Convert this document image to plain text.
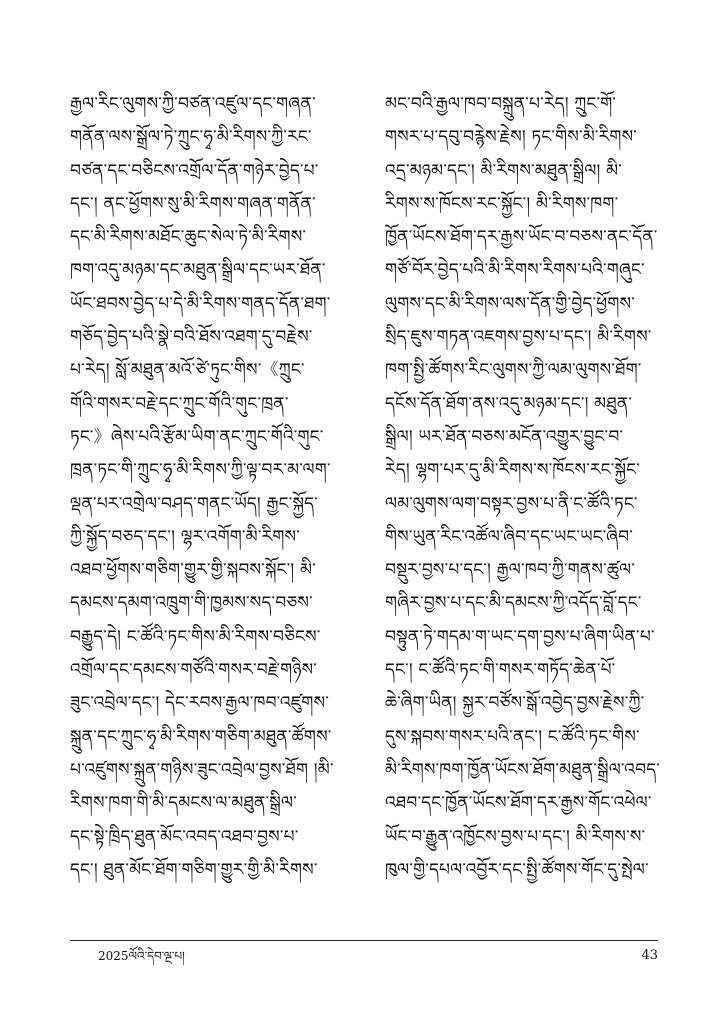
རྒྱལ་རིང་ལུགས་ཀྱི་བཙན་འཛུལ་དང་གཞན་
གནོན་ལས་སྒྲོལ་ཏེ་ཀྲུང་ཧྭ་མི་རིགས་ཀྱི་རང་
བཙན་དང་བཅིངས་འགྲོལ་དོན་གཉེར་བྱེད་པ་
དང་། ནང་ཕྱོགས་སུ་མི་རིགས་གཞན་གནོན་
དང་མི་རིགས་མཐོང་ཆུང་སེལ་ཏེ་མི་རིགས་
ཁག་འདུ་མཉམ་དང་མཐུན་སྒྲིལ་དང་ཡར་ཐོན་
ཡོང་ཐབས་བྱེད་པ་དེ་མི་རིགས་གནད་དོན་ཐག་
གཅོད་བྱེད་པའི་སྣེ་བའི་ཐོས་འཐག་དུ་བརྗེས་
པ་རེད། སློ་མཐུན་མའོ་ཙེ་ཏུང་གིས་《ཀྲུང་
གོའི་གསར་བརྗེ་དང་ཀྲུང་གོའི་གུང་ཁྲན་
ཏང་》ཞེས་པའི་རྩོམ་ཡིག་ནང་ཀྲུང་གོའི་གུང་
ཁྲན་ཏང་གི་ཀྲུང་ཧྭ་མི་རིགས་ཀྱི་ལྟ་བར་མ་ལག་
ལྡན་པར་འགྲེལ་བཤད་གནང་ཡོད། རྒྱང་སྐྱོད་
ཀྱི་སྐྱོད་བཅད་དང་། ལྷར་འགོག་མི་རིགས་
འཐབ་ཕྱོགས་གཅིག་གྱུར་གྱི་སྐབས་སྐོང་། མི་
དམངས་དམག་འཁྲུག་གི་ཁྱམས་སད་བཅས་
བརྒྱུད་དེ། ང་ཚོའི་ཏང་གིས་མི་རིགས་བཅིངས་
འགྲོལ་དང་དམངས་གཙོའི་གསར་བརྗེ་གཉིས་
ཟུང་འབྲེལ་དང་། དེང་རབས་རྒྱལ་ཁབ་འཛུགས་
སྐྲུན་དང་ཀྲུང་ཧྭ་མི་རིགས་གཅིག་མཐུན་ཚོགས་
པ་འཛུགས་སྐྲུན་གཉིས་ཟུང་འབྲེལ་བྱས་ཐོག །མི་
རིགས་ཁག་གི་མི་དམངས་ལ་མཐུན་སྒྲིལ་
དང་སྟེ་ཁྲིད་ཐུན་མོང་འབད་འཐབ་བྱས་པ་
དང་། ཐུན་མོང་ཐོག་གཅིག་གྱུར་གྱི་མི་རིགས་
མང་བའི་རྒྱལ་ཁབ་བསྐྲུན་པ་རེད། ཀྲུང་གོ་
གསར་པ་དབུ་བརྙེས་རྗེས། ཏང་གིས་མི་རིགས་
འདྲ་མཉམ་དང་། མི་རིགས་མཐུན་སྒྲིལ། མི་
རིགས་ས་ཁོངས་རང་སྐྱོང་། མི་རིགས་ཁག་
ཁྱོན་ཡོངས་ཐོག་དར་རྒྱས་ཡོང་བ་བཅས་ནང་དོན་
གཙོ་བོར་བྱེད་པའི་མི་རིགས་རིགས་པའི་གཞུང་
ལུགས་དང་མི་རིགས་ལས་དོན་གྱི་བྱེད་ཕྱོགས་
སྲིད་ཇུས་གཏན་འཇགས་བྱས་པ་དང་། མི་རིགས་
ཁག་སྤྱི་ཚོགས་རིང་ལུགས་ཀྱི་ལམ་ལུགས་ཐོག་
དངོས་དོན་ཐོག་ནས་འདུ་མཉམ་དང་། མཐུན་
སྒྲིལ། ཡར་ཐོན་བཅས་མངོན་འགྱུར་བྱུང་བ་
རེད། ལྷག་པར་དུ་མི་རིགས་ས་ཁོངས་རང་སྐྱོང་
ལམ་ལུགས་ལག་བསྟར་བྱས་པ་ནི་ང་ཚོའི་ཏང་
གིས་ཡུན་རིང་འཚོལ་ཞིབ་དང་ཡང་ཡང་ཞིབ་
བསྡུར་བྱས་པ་དང་། རྒྱལ་ཁབ་ཀྱི་གནས་ཚུལ་
གཞིར་བྱས་པ་དང་མི་དམངས་ཀྱི་འདོད་བློ་དང་
བསྟུན་ཏེ་གདམ་ག་ཡང་དག་བྱས་པ་ཞིག་ཡིན་པ་
དང་། ང་ཚོའི་ཏང་གི་གསར་གཏོད་ཆེན་པོ་
ཆེ་ཞིག་ཡིན། སྐྱར་བཙོས་སྒོ་འབྱེད་བྱས་རྗེས་ཀྱི་
དུས་སྐབས་གསར་པའི་ནང་། ང་ཚོའི་ཏང་གིས་
མི་རིགས་ཁག་ཁྱོན་ཡོངས་ཐོག་མཐུན་སྒྲིལ་འབད་
འཐབ་དང་ཁྱོན་ཡོངས་ཐོག་དར་རྒྱས་གོང་འཕེལ་
ཡོང་བ་རྒྱུན་འཁྱོངས་བྱས་པ་དང་། མི་རིགས་ས་
ཁུལ་གྱི་དཔལ་འབྱོར་དང་སྤྱི་ཚོགས་གོང་དུ་སྤེལ་
2025ལོའི་དེབ་ལྔ་པ།	43
